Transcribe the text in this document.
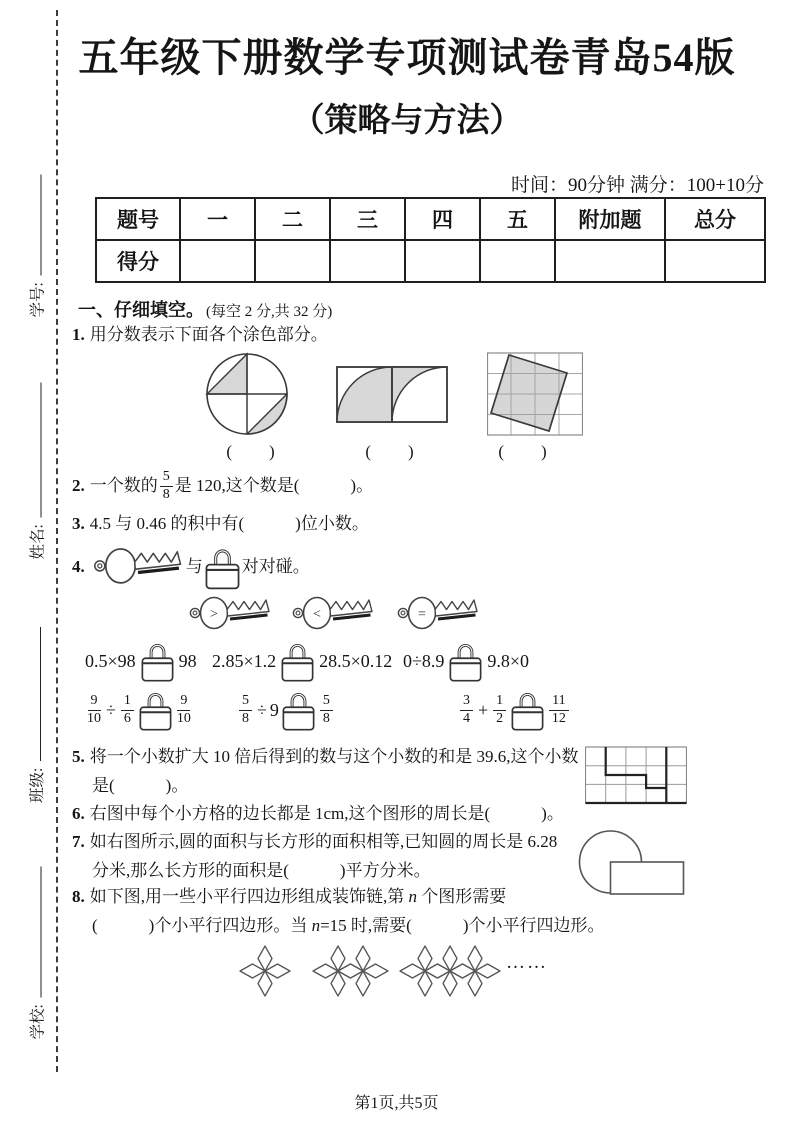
学号:
姓名:
班级:
学校:
五年级下册数学专项测试卷青岛54版
（策略与方法）
时间：90分钟 满分：100+10分
题号	一	二	三	四	五	附加题	总分
得分							
一、仔细填空。 (每空 2 分,共 32 分)
1. 用分数表示下面各个涂色部分。
(　　)	(　　)	(　　)
2. 一个数的 $\frac{5}{8}$ 是 120,这个数是(　　　)。
3. 4.5 与 0.46 的积中有(　　　)位小数。
4.	与 对对碰。
>	<	=
0.5×98 98 2.85×1.2 28.5×0.12 0÷8.9 9.8×0
$\frac{9}{10} \div \frac{1}{6}$	$\frac{9}{10}$	$\frac{5}{8} \div 9$	$\frac{5}{8}$	$\frac{3}{4} + \frac{1}{2}$	$\frac{11}{12}$
5. 将一个小数扩大 10 倍后得到的数与这个小数的和是 39.6,这个小数
是(　　　)。
6. 右图中每个小方格的边长都是 1cm,这个图形的周长是(　　　)。
7. 如右图所示,圆的面积与长方形的面积相等,已知圆的周长是 6.28
分米,那么长方形的面积是(　　　)平方分米。
8. 如下图,用一些小平行四边形组成装饰链,第 n 个图形需要
(　　　)个小平行四边形。当 n=15 时,需要(　　　)个小平行四边形。
……
第1页,共5页
